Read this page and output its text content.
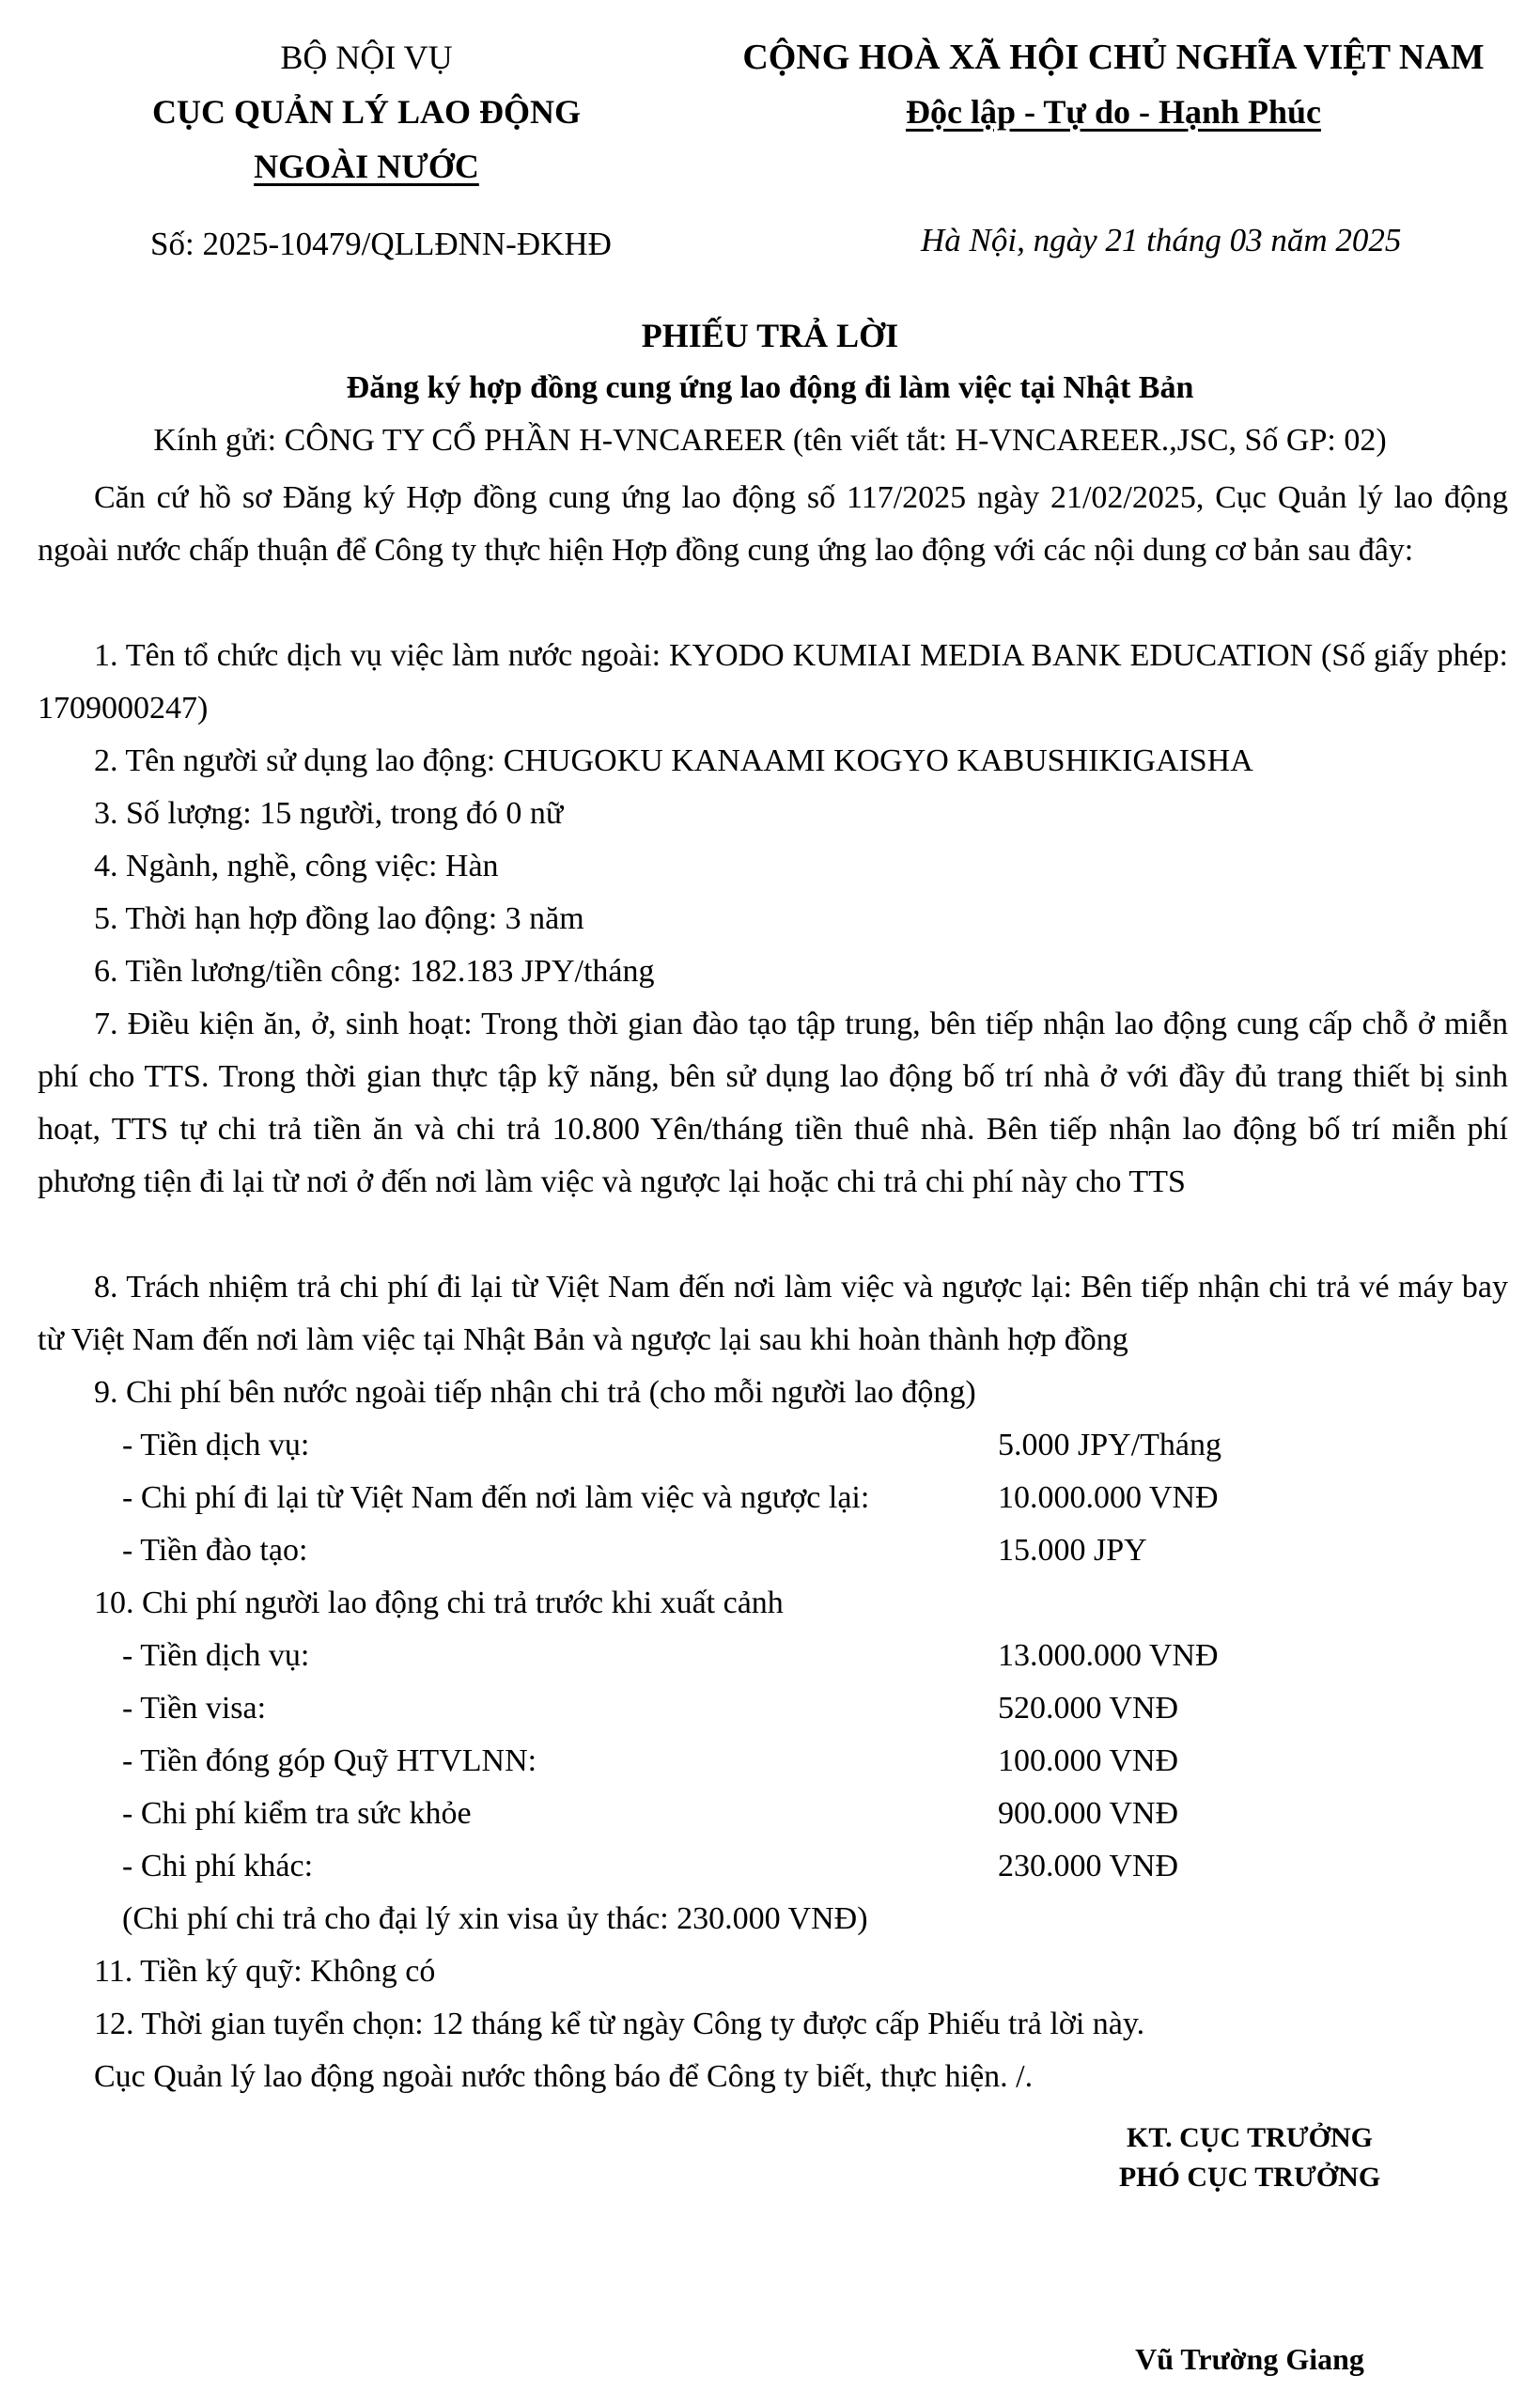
BỘ NỘI VỤ
CỤC QUẢN LÝ LAO ĐỘNG
NGOÀI NƯỚC
CỘNG HOÀ XÃ HỘI CHỦ NGHĨA VIỆT NAM
Độc lập - Tự do - Hạnh Phúc
Số: 2025-10479/QLLĐNN-ĐKHĐ	Hà Nội, ngày 21 tháng 03 năm 2025
PHIẾU TRẢ LỜI
Đăng ký hợp đồng cung ứng lao động đi làm việc tại Nhật Bản
Kính gửi: CÔNG TY CỔ PHẦN H-VNCAREER (tên viết tắt: H-VNCAREER.,JSC, Số GP: 02)
Căn cứ hồ sơ Đăng ký Hợp đồng cung ứng lao động số 117/2025 ngày 21/02/2025, Cục Quản lý lao động ngoài nước chấp thuận để Công ty thực hiện Hợp đồng cung ứng lao động với các nội dung cơ bản sau đây:
1. Tên tổ chức dịch vụ việc làm nước ngoài: KYODO KUMIAI MEDIA BANK EDUCATION (Số giấy phép: 1709000247)
2. Tên người sử dụng lao động: CHUGOKU KANAAMI KOGYO KABUSHIKIGAISHA
3. Số lượng: 15 người, trong đó 0 nữ
4. Ngành, nghề, công việc: Hàn
5. Thời hạn hợp đồng lao động: 3 năm
6. Tiền lương/tiền công: 182.183 JPY/tháng
7. Điều kiện ăn, ở, sinh hoạt: Trong thời gian đào tạo tập trung, bên tiếp nhận lao động cung cấp chỗ ở miễn phí cho TTS. Trong thời gian thực tập kỹ năng, bên sử dụng lao động bố trí nhà ở với đầy đủ trang thiết bị sinh hoạt, TTS tự chi trả tiền ăn và chi trả 10.800 Yên/tháng tiền thuê nhà. Bên tiếp nhận lao động bố trí miễn phí phương tiện đi lại từ nơi ở đến nơi làm việc và ngược lại hoặc chi trả chi phí này cho TTS
8. Trách nhiệm trả chi phí đi lại từ Việt Nam đến nơi làm việc và ngược lại: Bên tiếp nhận chi trả vé máy bay từ Việt Nam đến nơi làm việc tại Nhật Bản và ngược lại sau khi hoàn thành hợp đồng
9. Chi phí bên nước ngoài tiếp nhận chi trả (cho mỗi người lao động)
- Tiền dịch vụ:	5.000 JPY/Tháng
- Chi phí đi lại từ Việt Nam đến nơi làm việc và ngược lại:	10.000.000 VNĐ
- Tiền đào tạo:	15.000 JPY
10. Chi phí người lao động chi trả trước khi xuất cảnh
- Tiền dịch vụ:	13.000.000 VNĐ
- Tiền visa:	520.000 VNĐ
- Tiền đóng góp Quỹ HTVLNN:	100.000 VNĐ
- Chi phí kiểm tra sức khỏe	900.000 VNĐ
- Chi phí khác:	230.000 VNĐ
(Chi phí chi trả cho đại lý xin visa ủy thác: 230.000 VNĐ)
11. Tiền ký quỹ: Không có
12. Thời gian tuyển chọn: 12 tháng kể từ ngày Công ty được cấp Phiếu trả lời này.
Cục Quản lý lao động ngoài nước thông báo để Công ty biết, thực hiện. /.
KT. CỤC TRƯỞNG
PHÓ CỤC TRƯỞNG
Vũ Trường Giang
